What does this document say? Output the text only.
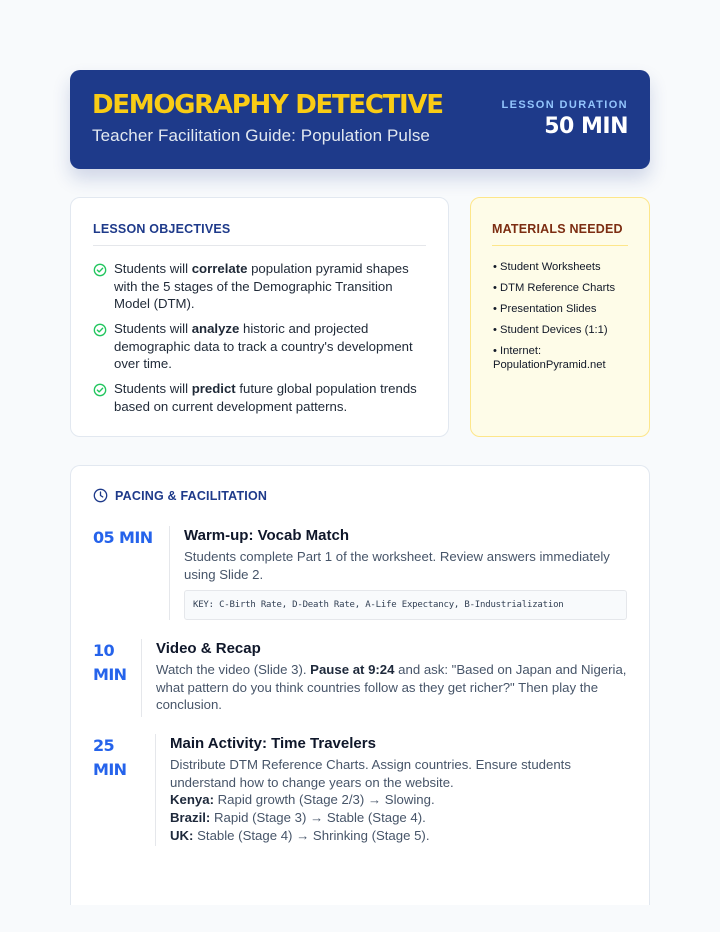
DEMOGRAPHY DETECTIVE
Teacher Facilitation Guide: Population Pulse
LESSON DURATION
50 MIN
LESSON OBJECTIVES
Students will correlate population pyramid shapes with the 5 stages of the Demographic Transition Model (DTM).
Students will analyze historic and projected demographic data to track a country's development over time.
Students will predict future global population trends based on current development patterns.
MATERIALS NEEDED
• Student Worksheets
• DTM Reference Charts
• Presentation Slides
• Student Devices (1:1)
• Internet: PopulationPyramid.net
PACING & FACILITATION
05 MIN	Warm-up: Vocab Match

Students complete Part 1 of the worksheet. Review answers immediately using Slide 2.

KEY: C-Birth Rate, D-Death Rate, A-Life Expectancy, B-Industrialization
10 MIN
Video & Recap

Watch the video (Slide 3). Pause at 9:24 and ask: "Based on Japan and Nigeria, what pattern do you think countries follow as they get richer?" Then play the conclusion.

25 MIN
Main Activity: Time Travelers

Distribute DTM Reference Charts. Assign countries. Ensure students understand how to change years on the website.

Kenya: Rapid growth (Stage 2/3) → Slowing.

Brazil: Rapid (Stage 3) → Stable (Stage 4).

UK: Stable (Stage 4) → Shrinking (Stage 5).
